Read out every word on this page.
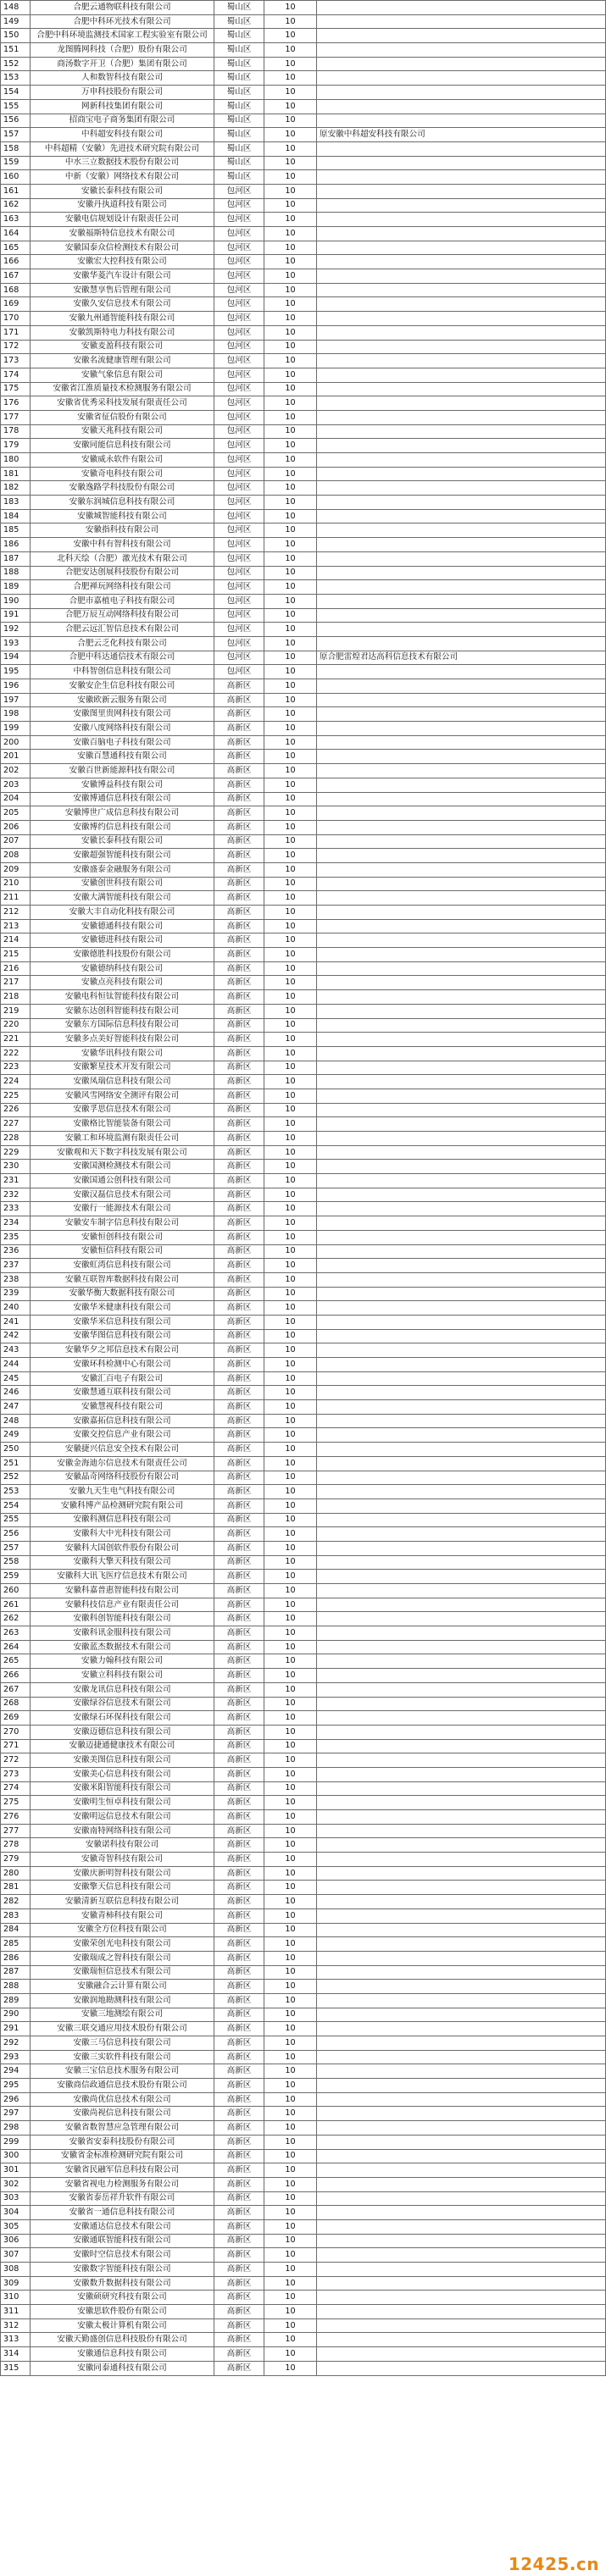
148	合肥云通物联科技有限公司	蜀山区	10	
149	合肥中科环光技术有限公司	蜀山区	10	
150	合肥中科环境监测技术国家工程实验室有限公司	蜀山区	10	
151	龙图腾网科技（合肥）股份有限公司	蜀山区	10	
152	商汤数字开卫（合肥）集团有限公司	蜀山区	10	
153	人和数智科技有限公司	蜀山区	10	
154	万申科技股份有限公司	蜀山区	10	
155	网新科技集团有限公司	蜀山区	10	
156	招商宝电子商务集团有限公司	蜀山区	10	
157	中科超安科技有限公司	蜀山区	10	原安徽中科超安科技有限公司
158	中科超精（安徽）先进技术研究院有限公司	蜀山区	10	
159	中水三立数据技术股份有限公司	蜀山区	10	
160	中新（安徽）网络技术有限公司	蜀山区	10	
161	安徽长泰科技有限公司	包河区	10	
162	安徽丹执道科技有限公司	包河区	10	
163	安徽电信规划设计有限责任公司	包河区	10	
164	安徽福斯特信息技术有限公司	包河区	10	
165	安徽国泰众信检测技术有限公司	包河区	10	
166	安徽宏大控科技有限公司	包河区	10	
167	安徽华菱汽车设计有限公司	包河区	10	
168	安徽慧享售后管理有限公司	包河区	10	
169	安徽久安信息技术有限公司	包河区	10	
170	安徽九州通智能科技有限公司	包河区	10	
171	安徽凯斯特电力科技有限公司	包河区	10	
172	安徽麦盈科技有限公司	包河区	10	
173	安徽名流健康管理有限公司	包河区	10	
174	安徽气象信息有限公司	包河区	10	
175	安徽省江淮质量技术检测服务有限公司	包河区	10	
176	安徽省优秀采科技发展有限责任公司	包河区	10	
177	安徽省征信股份有限公司	包河区	10	
178	安徽天兆科技有限公司	包河区	10	
179	安徽同能信息科技有限公司	包河区	10	
180	安徽威永软件有限公司	包河区	10	
181	安徽奇电科技有限公司	包河区	10	
182	安徽逸路学科技股份有限公司	包河区	10	
183	安徽东润城信息科技有限公司	包河区	10	
184	安徽城智能科技有限公司	包河区	10	
185	安徽指科技有限公司	包河区	10	
186	安徽中科有智科技有限公司	包河区	10	
187	北科天绘（合肥）激光技术有限公司	包河区	10	
188	合肥安达创展科技股份有限公司	包河区	10	
189	合肥禅玩网络科技有限公司	包河区	10	
190	合肥市嘉植电子科技有限公司	包河区	10	
191	合肥万辰互动网络科技有限公司	包河区	10	
192	合肥云远汇智信息技术有限公司	包河区	10	
193	合肥云乏化科技有限公司	包河区	10	
194	合肥中科达通信技术有限公司	包河区	10	原合肥雷煌君达高科信息技术有限公司
195	中科智创信息科技有限公司	包河区	10	
196	安徽安企生信息科技有限公司	高新区	10	
197	安徽欧新云服务有限公司	高新区	10	
198	安徽图里贵网科技有限公司	高新区	10	
199	安徽八度网络科技有限公司	高新区	10	
200	安徽百脑电子科技有限公司	高新区	10	
201	安徽百慧通科技有限公司	高新区	10	
202	安徽百世新能源科技有限公司	高新区	10	
203	安徽博益科技有限公司	高新区	10	
204	安徽博通信息科技有限公司	高新区	10	
205	安徽博世广成信息科技有限公司	高新区	10	
206	安徽博约信息科技有限公司	高新区	10	
207	安徽长泰科技有限公司	高新区	10	
208	安徽超强智能科技有限公司	高新区	10	
209	安徽盛泰金融服务有限公司	高新区	10	
210	安徽创世科技有限公司	高新区	10	
211	安徽大满智能科技有限公司	高新区	10	
212	安徽大丰自动化科技有限公司	高新区	10	
213	安徽德通科技有限公司	高新区	10	
214	安徽德进科技有限公司	高新区	10	
215	安徽德胜科技股份有限公司	高新区	10	
216	安徽德纳科技有限公司	高新区	10	
217	安徽点亮科技有限公司	高新区	10	
218	安徽电科恒钛智能科技有限公司	高新区	10	
219	安徽东达创科智能科技有限公司	高新区	10	
220	安徽东方国际信息科技有限公司	高新区	10	
221	安徽多点美好智能科技有限公司	高新区	10	
222	安徽华讯科技有限公司	高新区	10	
223	安徽繁星技术开发有限公司	高新区	10	
224	安徽凤瑞信息科技有限公司	高新区	10	
225	安徽风雪网络安全测评有限公司	高新区	10	
226	安徽孚思信息技术有限公司	高新区	10	
227	安徽格比智能装备有限公司	高新区	10	
228	安徽工和环境监测有限责任公司	高新区	10	
229	安徽观和天下数字科技发展有限公司	高新区	10	
230	安徽国测检测技术有限公司	高新区	10	
231	安徽国通公创科技有限公司	高新区	10	
232	安徽汉磊信息技术有限公司	高新区	10	
233	安徽行一能源技术有限公司	高新区	10	
234	安徽安车制字信息科技有限公司	高新区	10	
235	安徽恒创科技有限公司	高新区	10	
236	安徽恒信科技有限公司	高新区	10	
237	安徽虹湾信息科技有限公司	高新区	10	
238	安徽互联智库数据科技有限公司	高新区	10	
239	安徽华衡大数据科技有限公司	高新区	10	
240	安徽华米健康科技有限公司	高新区	10	
241	安徽华米信息科技有限公司	高新区	10	
242	安徽华图信息科技有限公司	高新区	10	
243	安徽华夕之邦信息技术有限公司	高新区	10	
244	安徽环科检测中心有限公司	高新区	10	
245	安徽汇百电子有限公司	高新区	10	
246	安徽慧通互联科技有限公司	高新区	10	
247	安徽慧视科技有限公司	高新区	10	
248	安徽嘉拓信息科技有限公司	高新区	10	
249	安徽交控信息产业有限公司	高新区	10	
250	安徽捷兴信息安全技术有限公司	高新区	10	
251	安徽金海迪尔信息技术有限责任公司	高新区	10	
252	安徽晶奇网络科技股份有限公司	高新区	10	
253	安徽九天生电气科技有限公司	高新区	10	
254	安徽科博产品检测研究院有限公司	高新区	10	
255	安徽科测信息科技有限公司	高新区	10	
256	安徽科大中光科技有限公司	高新区	10	
257	安徽科大国创软件股份有限公司	高新区	10	
258	安徽科大擎天科技有限公司	高新区	10	
259	安徽科大讯飞医疗信息技术有限公司	高新区	10	
260	安徽科嘉普惠智能科技有限公司	高新区	10	
261	安徽科技信息产业有限责任公司	高新区	10	
262	安徽科创智能科技有限公司	高新区	10	
263	安徽科讯金服科技有限公司	高新区	10	
264	安徽蓝杰数据技术有限公司	高新区	10	
265	安徽力翰科技有限公司	高新区	10	
266	安徽立科科技有限公司	高新区	10	
267	安徽龙讯信息科技有限公司	高新区	10	
268	安徽绿谷信息技术有限公司	高新区	10	
269	安徽绿石环保科技有限公司	高新区	10	
270	安徽迈德信息科技有限公司	高新区	10	
271	安徽迈捷通健康技术有限公司	高新区	10	
272	安徽美图信息科技有限公司	高新区	10	
273	安徽美心信息科技有限公司	高新区	10	
274	安徽米阳智能科技有限公司	高新区	10	
275	安徽明生恒卓科技有限公司	高新区	10	
276	安徽明远信息技术有限公司	高新区	10	
277	安徽南特网络科技有限公司	高新区	10	
278	安徽诺科技有限公司	高新区	10	
279	安徽奇智科技有限公司	高新区	10	
280	安徽庆新明智科技有限公司	高新区	10	
281	安徽擎天信息科技有限公司	高新区	10	
282	安徽清新互联信息科技有限公司	高新区	10	
283	安徽青柿科技有限公司	高新区	10	
284	安徽全方位科技有限公司	高新区	10	
285	安徽荣创光电科技有限公司	高新区	10	
286	安徽瑞成之智科技有限公司	高新区	10	
287	安徽瑞恒信息技术有限公司	高新区	10	
288	安徽融合云计算有限公司	高新区	10	
289	安徽润地勘测科技有限公司	高新区	10	
290	安徽三地测绘有限公司	高新区	10	
291	安徽三联交通应用技术股份有限公司	高新区	10	
292	安徽三马信息科技有限公司	高新区	10	
293	安徽三实软件科技有限公司	高新区	10	
294	安徽三宝信息技术服务有限公司	高新区	10	
295	安徽商信政通信息技术股份有限公司	高新区	10	
296	安徽尚优信息技术有限公司	高新区	10	
297	安徽尚视信息科技有限公司	高新区	10	
298	安徽省数智慧应急管理有限公司	高新区	10	
299	安徽省安泰科技股份有限公司	高新区	10	
300	安徽省金标准检测研究院有限公司	高新区	10	
301	安徽省民融军信息科技有限公司	高新区	10	
302	安徽省视电力检测服务有限公司	高新区	10	
303	安徽省泰岳祥升软件有限公司	高新区	10	
304	安徽省一通信息科技有限公司	高新区	10	
305	安徽通达信息技术有限公司	高新区	10	
306	安徽通联智能科技有限公司	高新区	10	
307	安徽时空信息技术有限公司	高新区	10	
308	安徽数字智能科技有限公司	高新区	10	
309	安徽数升数据科技有限公司	高新区	10	
310	安徽硕研究科技有限公司	高新区	10	
311	安徽思软件股份有限公司	高新区	10	
312	安徽太极计算机有限公司	高新区	10	
313	安徽天勤盛创信息科技股份有限公司	高新区	10	
314	安徽通信息科技有限公司	高新区	10	
315	安徽同泰通科技有限公司	高新区	10	
12425.cn
